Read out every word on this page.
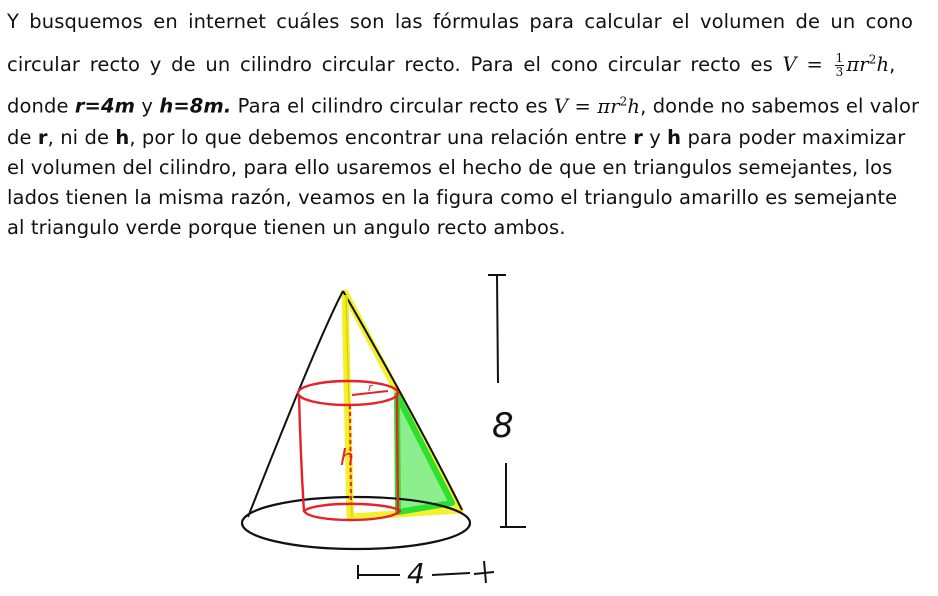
Y busquemos en internet cuáles son las fórmulas para calcular el volumen de un cono
circular recto y de un cilindro circular recto. Para el cono circular recto es $V = \frac{1}{3} \pi r^2h$,
donde r=4m y h=8m. Para el cilindro circular recto es $V = \pi r^2h$, donde no sabemos el valor
de r, ni de h, por lo que debemos encontrar una relación entre r y h para poder maximizar
el volumen del cilindro, para ello usaremos el hecho de que en triangulos semejantes, los
lados tienen la misma razón, veamos en la figura como el triangulo amarillo es semejante
al triangulo verde porque tienen un angulo recto ambos.
r
h
8
4
